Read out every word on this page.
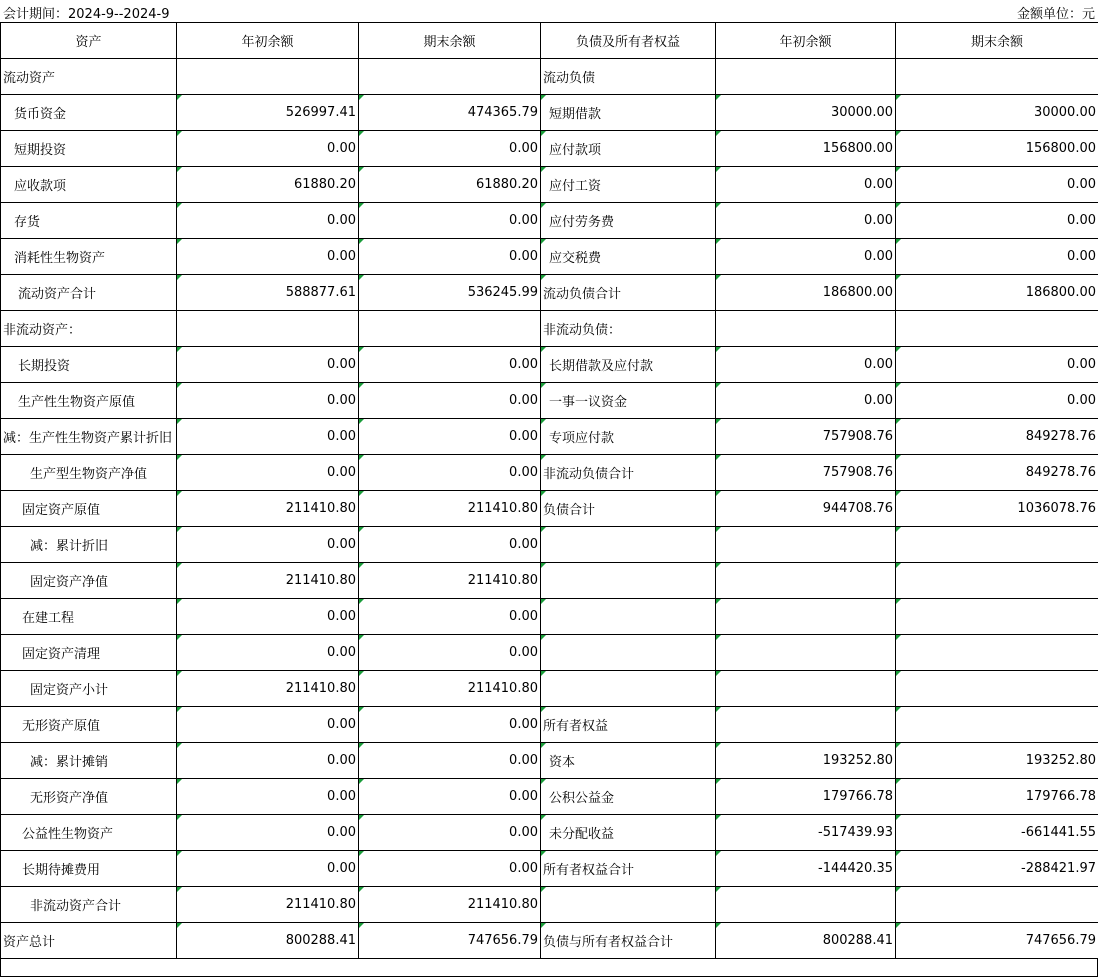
会计期间：2024-9--2024-9	金额单位：元
资产	年初余额	期末余额	负债及所有者权益	年初余额	期末余额
流动资产			流动负债		
货币资金	526997.41	474365.79	短期借款	30000.00	30000.00
短期投资	0.00	0.00	应付款项	156800.00	156800.00
应收款项	61880.20	61880.20	应付工资	0.00	0.00
存货	0.00	0.00	应付劳务费	0.00	0.00
消耗性生物资产	0.00	0.00	应交税费	0.00	0.00
流动资产合计	588877.61	536245.99	流动负债合计	186800.00	186800.00
非流动资产：			非流动负债：		
长期投资	0.00	0.00	长期借款及应付款	0.00	0.00
生产性生物资产原值	0.00	0.00	一事一议资金	0.00	0.00
减：生产性生物资产累计折旧	0.00	0.00	专项应付款	757908.76	849278.76
生产型生物资产净值	0.00	0.00	非流动负债合计	757908.76	849278.76
固定资产原值	211410.80	211410.80	负债合计	944708.76	1036078.76
减：累计折旧	0.00	0.00			
固定资产净值	211410.80	211410.80			
在建工程	0.00	0.00			
固定资产清理	0.00	0.00			
固定资产小计	211410.80	211410.80			
无形资产原值	0.00	0.00	所有者权益		
减：累计摊销	0.00	0.00	资本	193252.80	193252.80
无形资产净值	0.00	0.00	公积公益金	179766.78	179766.78
公益性生物资产	0.00	0.00	未分配收益	-517439.93	-661441.55
长期待摊费用	0.00	0.00	所有者权益合计	-144420.35	-288421.97
非流动资产合计	211410.80	211410.80			
资产总计	800288.41	747656.79	负债与所有者权益合计	800288.41	747656.79
